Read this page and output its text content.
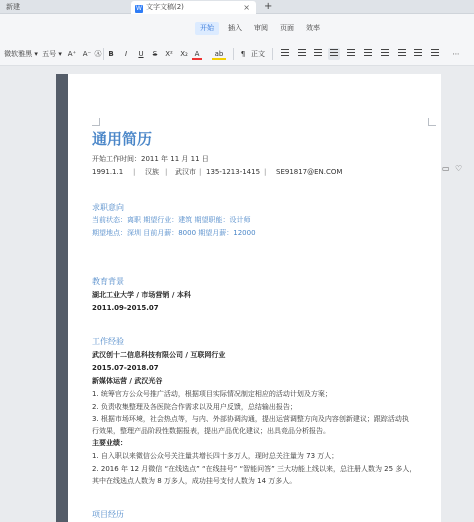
新建	W 文字文稿(2)	× +
开始	插入	审阅	页面	效率
微软雅黑 ▾ 五号 ▾ A⁺ A⁻ Ⓐ B	I	U	S	X²	X₂ A	ab	¶ 正文	⋯
通用简历
开始工作时间：2011 年 11 月 11 日
1991.1.1 | 汉族 | 武汉市 | 135-1213-1415 | SE91817@EN.COM
求职意向
当前状态：离职 期望行业：建筑 期望职能：设计师
期望地点：深圳 目前月薪：8000 期望月薪：12000
教育背景
湖北工业大学 / 市场营销 / 本科
2011.09-2015.07
工作经验
武汉创十二信息科技有限公司 / 互联网行业
2015.07-2018.07
新媒体运营 / 武汉光谷
1. 统筹官方公众号推广活动，根据项目实际情况制定相应的活动计划及方案；
2. 负责收集整理及各医院合作需求以及用户反馈，总结输出报告；
3. 根据市场环境，社会热点等，与内、外部协调沟通，提出运营调整方向及内容创新建议；跟踪活动执
行效果，整理产品阶段性数据报表，提出产品优化建议；出具竞品分析报告。
主要业绩：
1. 自入职以来微信公众号关注量共增长四十多万人，现时总关注量为 73 万人；
2. 2016 年 12 月微信 “在线选点” “在线挂号” “智能问答” 三大功能上线以来，总注册人数为 25 多人，
其中在线选点人数为 8 万多人，成功挂号支付人数为 14 万多人。
项目经历
▭ ♡
